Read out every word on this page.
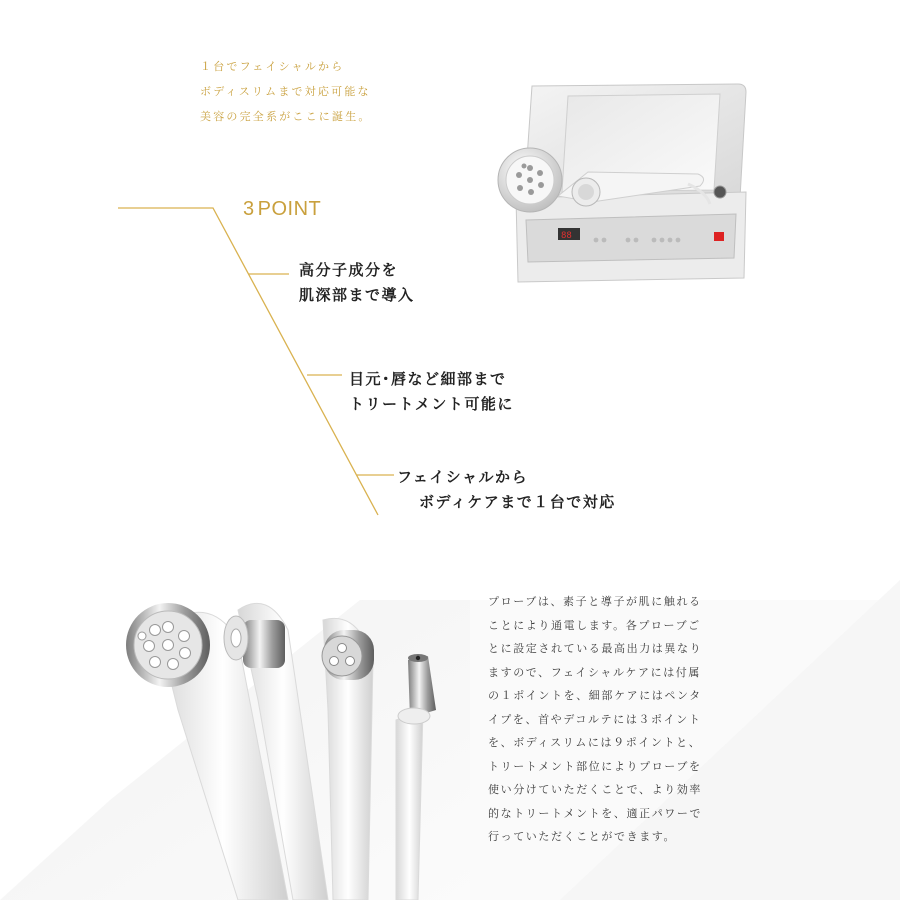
１台でフェイシャルから
ボディスリムまで対応可能な
美容の完全系がここに誕生。
3 POINT
高分子成分を
肌深部まで導入
目元･唇など細部まで
トリートメント可能に
フェイシャルから
ボディケアまで１台で対応
88
プローブは、素子と導子が肌に触れる
ことにより通電します。各プローブご
とに設定されている最高出力は異なり
ますので、フェイシャルケアには付属
の１ポイントを、細部ケアにはペンタ
イプを、首やデコルテには３ポイント
を、ボディスリムには９ポイントと、
トリートメント部位によりプローブを
使い分けていただくことで、より効率
的なトリートメントを、適正パワーで
行っていただくことができます。
